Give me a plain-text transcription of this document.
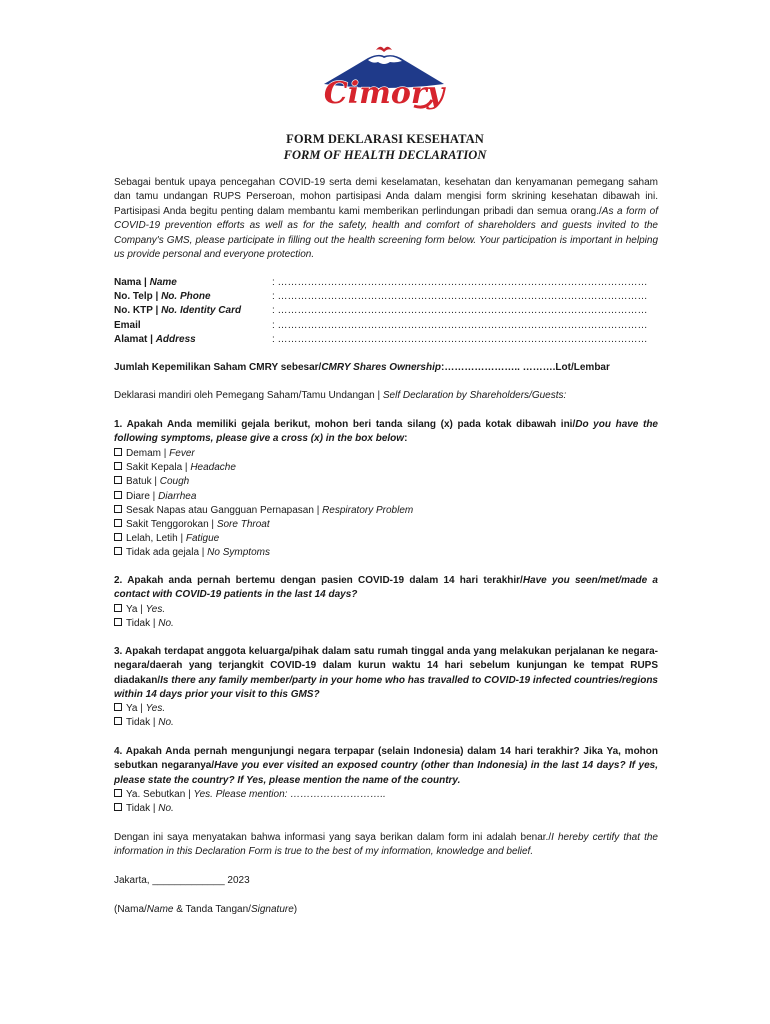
Cimory
FORM DEKLARASI KESEHATAN
FORM OF HEALTH DECLARATION
Sebagai bentuk upaya pencegahan COVID-19 serta demi keselamatan, kesehatan dan kenyamanan pemegang saham dan tamu undangan RUPS Perseroan, mohon partisipasi Anda dalam mengisi form skrining kesehatan dibawah ini. Partisipasi Anda begitu penting dalam membantu kami memberikan perlindungan pribadi dan semua orang./As a form of COVID-19 prevention efforts as well as for the safety, health and comfort of shareholders and guests invited to the Company's GMS, please participate in filling out the health screening form below. Your participation is important in helping us provide personal and everyone protection.
Nama | Name	: …………………………………………………………………………………………………
No. Telp | No. Phone	: …………………………………………………………………………………………………
No. KTP | No. Identity Card	: …………………………………………………………………………………………………
Email	: …………………………………………………………………………………………………
Alamat | Address	: …………………………………………………………………………………………………
Jumlah Kepemilikan Saham CMRY sebesar/CMRY Shares Ownership:………………….. ……….Lot/Lembar
Deklarasi mandiri oleh Pemegang Saham/Tamu Undangan | Self Declaration by Shareholders/Guests:
1. Apakah Anda memiliki gejala berikut, mohon beri tanda silang (x) pada kotak dibawah ini/Do you have the following symptoms, please give a cross (x) in the box below:
Demam | Fever
Sakit Kepala | Headache
Batuk | Cough
Diare | Diarrhea
Sesak Napas atau Gangguan Pernapasan | Respiratory Problem
Sakit Tenggorokan | Sore Throat
Lelah, Letih | Fatigue
Tidak ada gejala | No Symptoms
2. Apakah anda pernah bertemu dengan pasien COVID-19 dalam 14 hari terakhir/Have you seen/met/made a contact with COVID-19 patients in the last 14 days?
Ya | Yes.
Tidak | No.
3. Apakah terdapat anggota keluarga/pihak dalam satu rumah tinggal anda yang melakukan perjalanan ke negara-negara/daerah yang terjangkit COVID-19 dalam kurun waktu 14 hari sebelum kunjungan ke tempat RUPS diadakan/Is there any family member/party in your home who has travalled to COVID-19 infected countries/regions within 14 days prior your visit to this GMS?
Ya | Yes.
Tidak | No.
4. Apakah Anda pernah mengunjungi negara terpapar (selain Indonesia) dalam 14 hari terakhir? Jika Ya, mohon sebutkan negaranya/Have you ever visited an exposed country (other than Indonesia) in the last 14 days? If yes, please state the country? If Yes, please mention the name of the country.
Ya. Sebutkan | Yes. Please mention: ………………………..
Tidak | No.
Dengan ini saya menyatakan bahwa informasi yang saya berikan dalam form ini adalah benar./I hereby certify that the information in this Declaration Form is true to the best of my information, knowledge and belief.
Jakarta, _____________ 2023
(Nama/Name & Tanda Tangan/Signature)
